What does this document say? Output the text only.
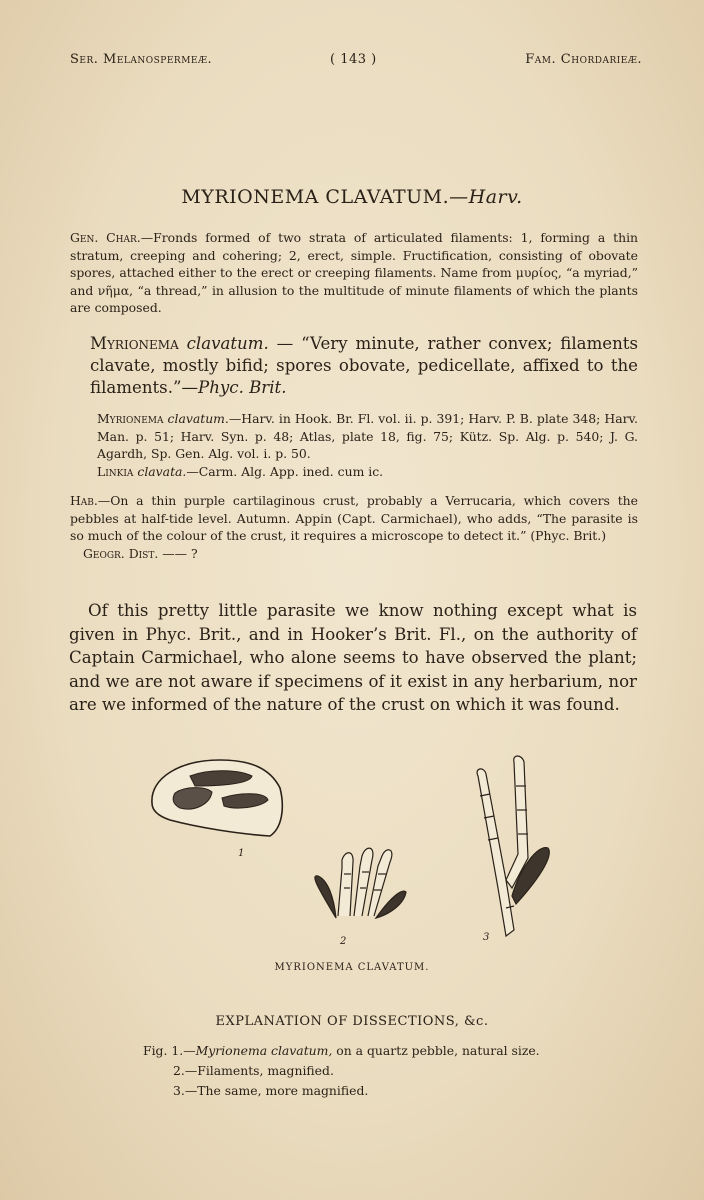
Ser. Melanospermeæ.	( 143 )	Fam. Chordarieæ.
MYRIONEMA CLAVATUM.—Harv.
Gen. Char.—Fronds formed of two strata of articulated filaments: 1, forming a thin stratum, creeping and cohering; 2, erect, simple. Fructification, consisting of obovate spores, attached either to the erect or creeping filaments. Name from μυρίος, “a myriad,” and νῆμα, “a thread,” in allusion to the multitude of minute filaments of which the plants are composed.
Myrionema clavatum. — “Very minute, rather convex; filaments clavate, mostly bifid; spores obovate, pedicellate, affixed to the filaments.”—Phyc. Brit.

Myrionema clavatum.—Harv. in Hook. Br. Fl. vol. ii. p. 391; Harv. P. B. plate 348; Harv. Man. p. 51; Harv. Syn. p. 48; Atlas, plate 18, fig. 75; Kütz. Sp. Alg. p. 540; J. G. Agardh, Sp. Gen. Alg. vol. i. p. 50.

Linkia clavata.—Carm. Alg. App. ined. cum ic.

Hab.—On a thin purple cartilaginous crust, probably a Verrucaria, which covers the pebbles at half-tide level. Autumn. Appin (Capt. Carmichael), who adds, “The parasite is so much of the colour of the crust, it requires a microscope to detect it.” (Phyc. Brit.)

Geogr. Dist. —— ?

Of this pretty little parasite we know nothing except what is given in Phyc. Brit., and in Hooker’s Brit. Fl., on the authority of Captain Carmichael, who alone seems to have observed the plant; and we are not aware if specimens of it exist in any herbarium, nor are we informed of the nature of the crust on which it was found.

1
2	3
MYRIONEMA CLAVATUM.
EXPLANATION OF DISSECTIONS, &c.

Fig. 1.—Myrionema clavatum, on a quartz pebble, natural size.

2.—Filaments, magnified.

3.—The same, more magnified.
